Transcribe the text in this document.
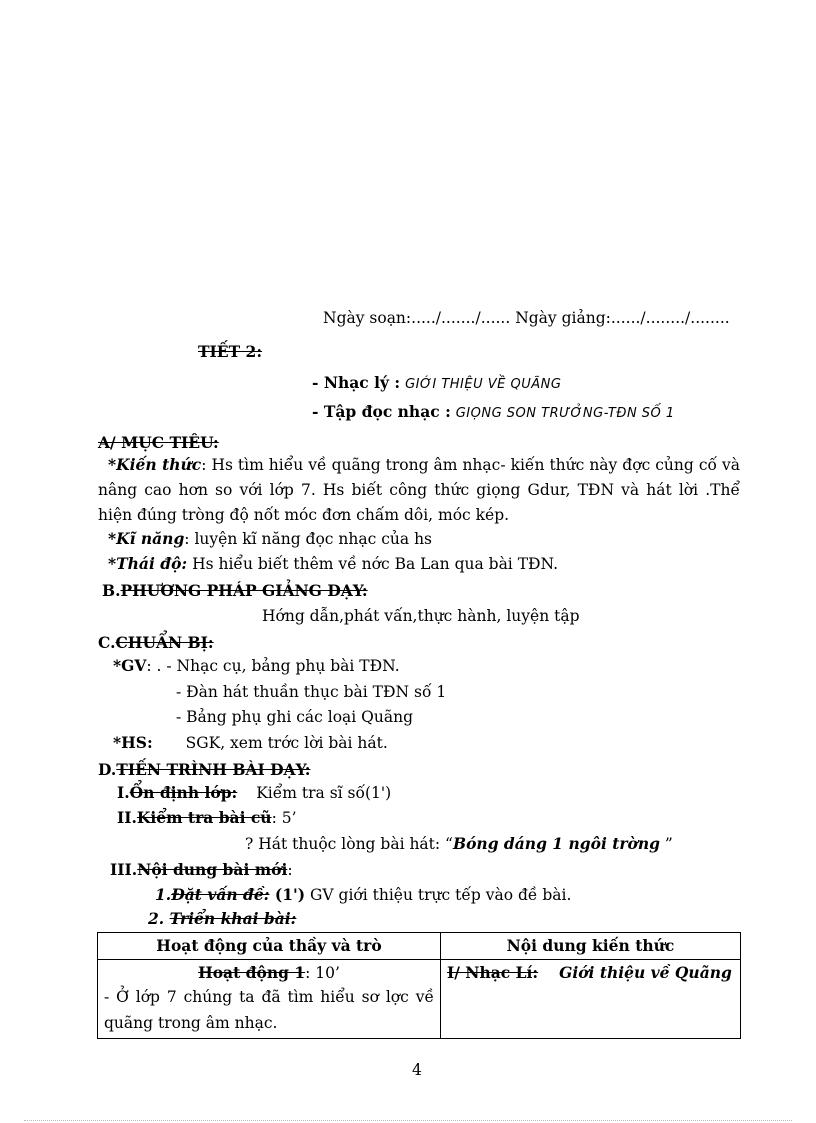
Ngày soạn:...../......./...... Ngày giảng:....../......../........
TIẾT 2:
- Nhạc lý : GIỚI THIỆU VỀ QUÃNG
- Tập đọc nhạc : GIỌNG SON TRƯỞNG-TĐN SỐ 1
A/ MỤC TIÊU:
*Kiến thức: Hs tìm hiểu về quãng trong âm nhạc- kiến thức này đợc củng cố và nâng cao hơn so với lớp 7. Hs biết công thức giọng Gdur, TĐN và hát lời .Thể hiện đúng tròng độ nốt móc đơn chấm dôi, móc kép.
*Kĩ năng: luyện kĩ năng đọc nhạc của hs
*Thái độ: Hs hiểu biết thêm về nớc Ba Lan qua bài TĐN.
B.PHƯƠNG PHÁP GIẢNG DẠY:
Hớng dẫn,phát vấn,thực hành, luyện tập
C.CHUẨN BỊ:
*GV: . - Nhạc cụ, bảng phụ bài TĐN.
- Đàn hát thuần thục bài TĐN số 1
- Bảng phụ ghi các loại Quãng
*HS: SGK, xem trớc lời bài hát.
D.TIẾN TRÌNH BÀI DẠY:
I.Ổn định lớp: Kiểm tra sĩ số(1')
II.Kiểm tra bài cũ: 5’
? Hát thuộc lòng bài hát: “Bóng dáng 1 ngôi trờng ”
III.Nội dung bài mới:
1.Đặt vấn đề: (1') GV giới thiệu trực tếp vào đề bài.
2. Triển khai bài:
Hoạt động của thầy và trò	Nội dung kiến thức

Hoạt động 1: 10’
- Ở lớp 7 chúng ta đã tìm hiểu sơ lợc về quãng trong âm nhạc.	I/ Nhạc Lí: Giới thiệu về Quãng
4
